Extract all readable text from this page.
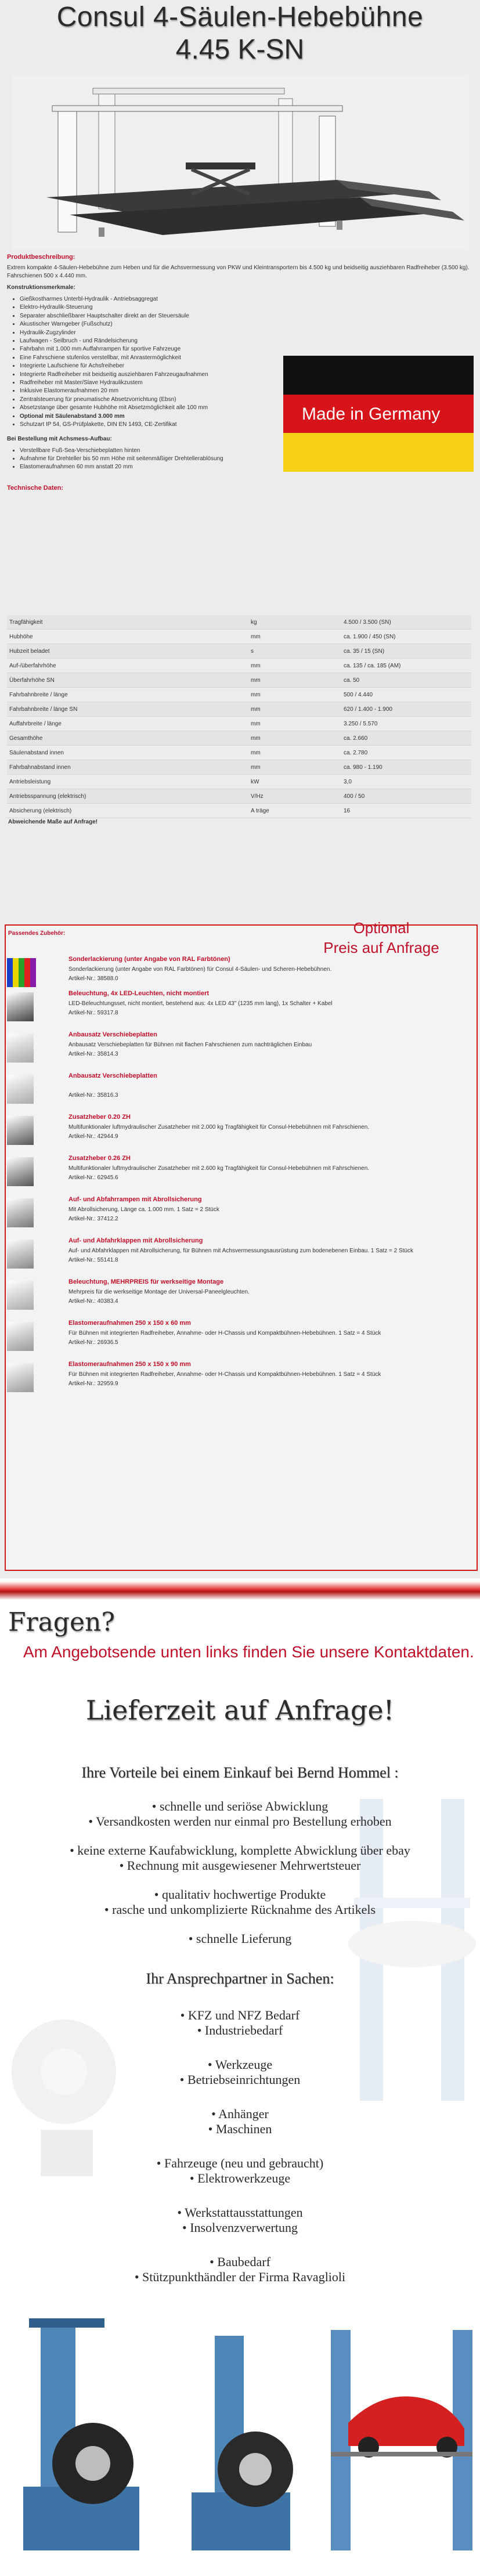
Consul 4-Säulen-Hebebühne
4.45 K-SN

Produktbeschreibung:

Extrem kompakte 4-Säulen-Hebebühne zum Heben und für die Achsvermessung von PKW und Kleintransportern bis 4.500 kg und beidseitig ausziehbaren Radfreiheber (3.500 kg). Fahrschienen 500 x 4.440 mm.

Konstruktionsmerkmale:

• Gießkostharmes Unterbl-Hydraulik - Antriebsaggregat
• Elektro-Hydraulik-Steuerung
• Separater abschließbarer Hauptschalter direkt an der Steuersäule
• Akustischer Warngeber (Fußschutz)
• Hydraulik-Zugzylinder
• Laufwagen - Seilbruch - und Rändelsicherung
• Fahrbahn mit 1.000 mm Auffahrrampen für sportive Fahrzeuge
• Eine Fahrschiene stufenlos verstellbar, mit Anrastermöglichkeit
• Integrierte Laufschiene für Achsfreiheber
• Integrierte Radfreiheber mit beidseitig ausziehbaren Fahrzeugaufnahmen
• Radfreiheber mit Master/Slave Hydraulikzustem
• Inklusive Elastomeraufnahmen 20 mm
• Zentralsteuerung für pneumatische Absetzvorrichtung (Ebsn)
• Absetzstange über gesamte Hubhöhe mit Absetzmöglichkeit alle 100 mm
• Optional mit Säulenabstand 3.000 mm
• Schutzart IP 54, GS-Prüfplakette, DIN EN 1493, CE-Zertifikat

Bei Bestellung mit Achsmess-Aufbau:

• Verstellbare Fuß-Sea-Verschiebeplatten hinten
• Aufnahme für Drehteller bis 50 mm Höhe mit seitenmäßiger Drehtellerablösung
• Elastomeraufnahmen 60 mm anstatt 20 mm

Technische Daten:

Made in Germany
Tragfähigkeit	kg	4.500 / 3.500 (SN)
Hubhöhe	mm	ca. 1.900 / 450 (SN)
Hubzeit beladet	s	ca. 35 / 15 (SN)
Auf-/überfahrhöhe	mm	ca. 135 / ca. 185 (AM)
Überfahrhöhe SN	mm	ca. 50
Fahrbahnbreite / länge	mm	500 / 4.440
Fahrbahnbreite / länge SN	mm	620 / 1.400 - 1.900
Auffahrbreite / länge	mm	3.250 / 5.570
Gesamthöhe	mm	ca. 2.660
Säulenabstand innen	mm	ca. 2.780
Fahrbahnabstand innen	mm	ca. 980 - 1.190
Antriebsleistung	kW	3,0
Antriebsspannung (elektrisch)	V/Hz	400 / 50
Absicherung (elektrisch)	A träge	16
Abweichende Maße auf Anfrage!
Passendes Zubehör:	Optional
Preis auf Anfrage
Sonderlackierung (unter Angabe von RAL Farbtönen)
Sonderlackierung (unter Angabe von RAL Farbtönen) für Consul 4-Säulen- und Scheren-Hebebühnen.
Artikel-Nr.: 38588.0
Beleuchtung, 4x LED-Leuchten, nicht montiert
LED-Beleuchtungsset, nicht montiert, bestehend aus: 4x LED 43" (1235 mm lang), 1x Schalter + Kabel
Artikel-Nr.: 59317.8
Anbausatz Verschiebeplatten
Anbausatz Verschiebeplatten für Bühnen mit flachen Fahrschienen zum nachträglichen Einbau
Artikel-Nr.: 35814.3
Anbausatz Verschiebeplatten
Artikel-Nr.: 35816.3
Zusatzheber 0.20 ZH
Multifunktionaler luftmydraulischer Zusatzheber mit 2.000 kg Tragfähigkeit für Consul-Hebebühnen mit Fahrschienen.
Artikel-Nr.: 42944.9
Zusatzheber 0.26 ZH
Multifunktionaler luftmydraulischer Zusatzheber mit 2.600 kg Tragfähigkeit für Consul-Hebebühnen mit Fahrschienen.
Artikel-Nr.: 62945.6
Auf- und Abfahrrampen mit Abrollsicherung
Mit Abrollsicherung, Länge ca. 1.000 mm. 1 Satz = 2 Stück
Artikel-Nr.: 37412.2
Auf- und Abfahrklappen mit Abrollsicherung
Auf- und Abfahrklappen mit Abrollsicherung, für Bühnen mit Achsvermessungsausrüstung zum bodenebenen Einbau. 1 Satz = 2 Stück
Artikel-Nr.: 55141.8
Beleuchtung, MEHRPREIS für werkseitige Montage
Mehrpreis für die werkseitige Montage der Universal-Paneelgleuchten.
Artikel-Nr.: 40383.4
Elastomeraufnahmen 250 x 150 x 60 mm
Für Bühnen mit integrierten Radfreiheber, Annahme- oder H-Chassis und Kompaktbühnen-Hebebühnen. 1 Satz = 4 Stück
Artikel-Nr.: 26936.5
Elastomeraufnahmen 250 x 150 x 90 mm
Für Bühnen mit integrierten Radfreiheber, Annahme- oder H-Chassis und Kompaktbühnen-Hebebühnen. 1 Satz = 4 Stück
Artikel-Nr.: 32959.9
Fragen?
Am Angebotsende unten links finden Sie unsere Kontaktdaten.
Lieferzeit auf Anfrage!
Ihre Vorteile bei einem Einkauf bei Bernd Hommel :
• schnelle und seriöse Abwicklung
• Versandkosten werden nur einmal pro Bestellung erhoben
• keine externe Kaufabwicklung, komplette Abwicklung über ebay
• Rechnung mit ausgewiesener Mehrwertsteuer
• qualitativ hochwertige Produkte
• rasche und unkomplizierte Rücknahme des Artikels
• schnelle Lieferung
Ihr Ansprechpartner in Sachen:
• KFZ und NFZ Bedarf
• Industriebedarf
• Werkzeuge
• Betriebseinrichtungen
• Anhänger
• Maschinen
• Fahrzeuge (neu und gebraucht)
• Elektrowerkzeuge
• Werkstattausstattungen
• Insolvenzverwertung
• Baubedarf
• Stützpunkthändler der Firma Ravaglioli
